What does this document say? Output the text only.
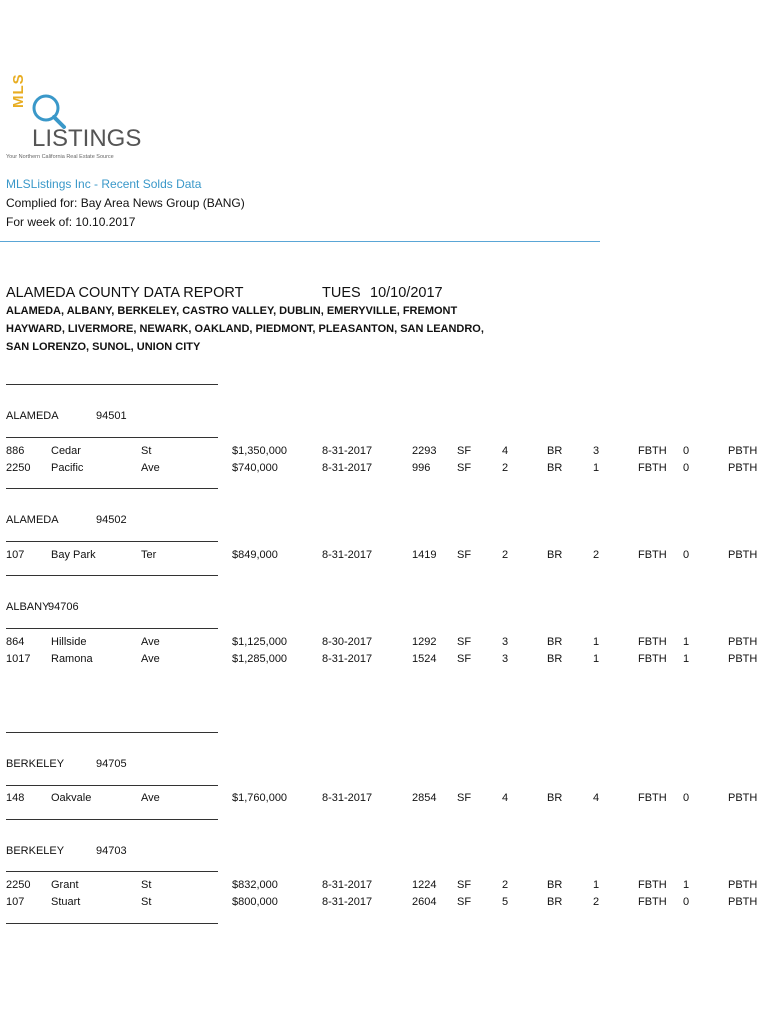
MLS
LISTINGS
Your Northern California Real Estate Source
MLSListings Inc - Recent Solds Data
Complied for: Bay Area News Group (BANG)
For week of: 10.10.2017
ALAMEDA COUNTY DATA REPORT	TUES 10/10/2017
ALAMEDA, ALBANY, BERKELEY, CASTRO VALLEY, DUBLIN, EMERYVILLE, FREMONT
HAYWARD, LIVERMORE, NEWARK, OAKLAND, PIEDMONT, PLEASANTON, SAN LEANDRO,
SAN LORENZO, SUNOL, UNION CITY
ALAMEDA	94501
886 Cedar	St	$1,350,000	8-31-2017	2293 SF	4	BR	3	FBTH 0	PBTH
2250 Pacific	Ave	$740,000	8-31-2017	996 SF	2	BR	1	FBTH 0	PBTH
ALAMEDA	94502
107 Bay Park	Ter	$849,000	8-31-2017	1419 SF	2	BR	2	FBTH 0	PBTH
ALBANY
94706
864 Hillside	Ave	$1,125,000	8-30-2017	1292 SF	3	BR	1	FBTH 1	PBTH
1017 Ramona	Ave	$1,285,000	8-31-2017	1524 SF	3	BR	1	FBTH 1	PBTH
BERKELEY	94705
148 Oakvale	Ave	$1,760,000	8-31-2017	2854 SF	4	BR	4	FBTH 0	PBTH
BERKELEY	94703
2250 Grant	St	$832,000	8-31-2017	1224 SF	2	BR	1	FBTH 1	PBTH
107 Stuart	St	$800,000	8-31-2017	2604 SF	5	BR	2	FBTH 0	PBTH
